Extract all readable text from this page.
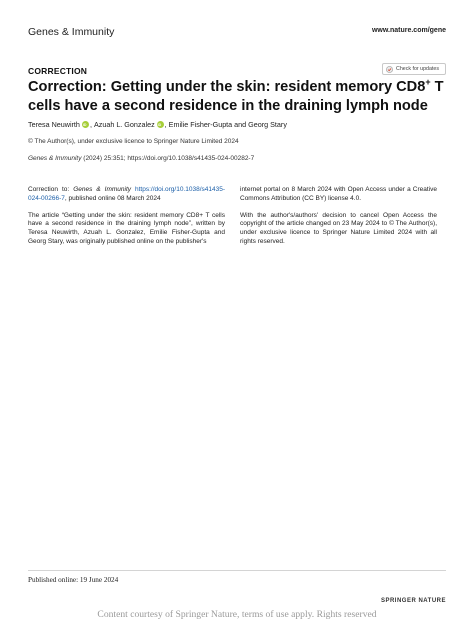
Genes & Immunity	www.nature.com/gene
CORRECTION	Check for updates
Correction: Getting under the skin: resident memory CD8+ T cells have a second residence in the draining lymph node
Teresa Neuwirth iD , Azuah L. Gonzalez iD , Emilie Fisher-Gupta and Georg Stary
© The Author(s), under exclusive licence to Springer Nature Limited 2024
Genes & Immunity (2024) 25:351; https://doi.org/10.1038/s41435-024-00282-7

Correction to: Genes & Immunity https://doi.org/10.1038/s41435-024-00266-7, published online 08 March 2024

The article “Getting under the skin: resident memory CD8+ T cells have a second residence in the draining lymph node”, written by Teresa Neuwirth, Azuah L. Gonzalez, Emilie Fisher-Gupta and Georg Stary, was originally published online on the publisher's

internet portal on 8 March 2024 with Open Access under a Creative Commons Attribution (CC BY) license 4.0.

With the author's/authors' decision to cancel Open Access the copyright of the article changed on 23 May 2024 to © The Author(s), under exclusive licence to Springer Nature Limited 2024 with all rights reserved.

Published online: 19 June 2024
SPRINGER NATURE
Content courtesy of Springer Nature, terms of use apply. Rights reserved
